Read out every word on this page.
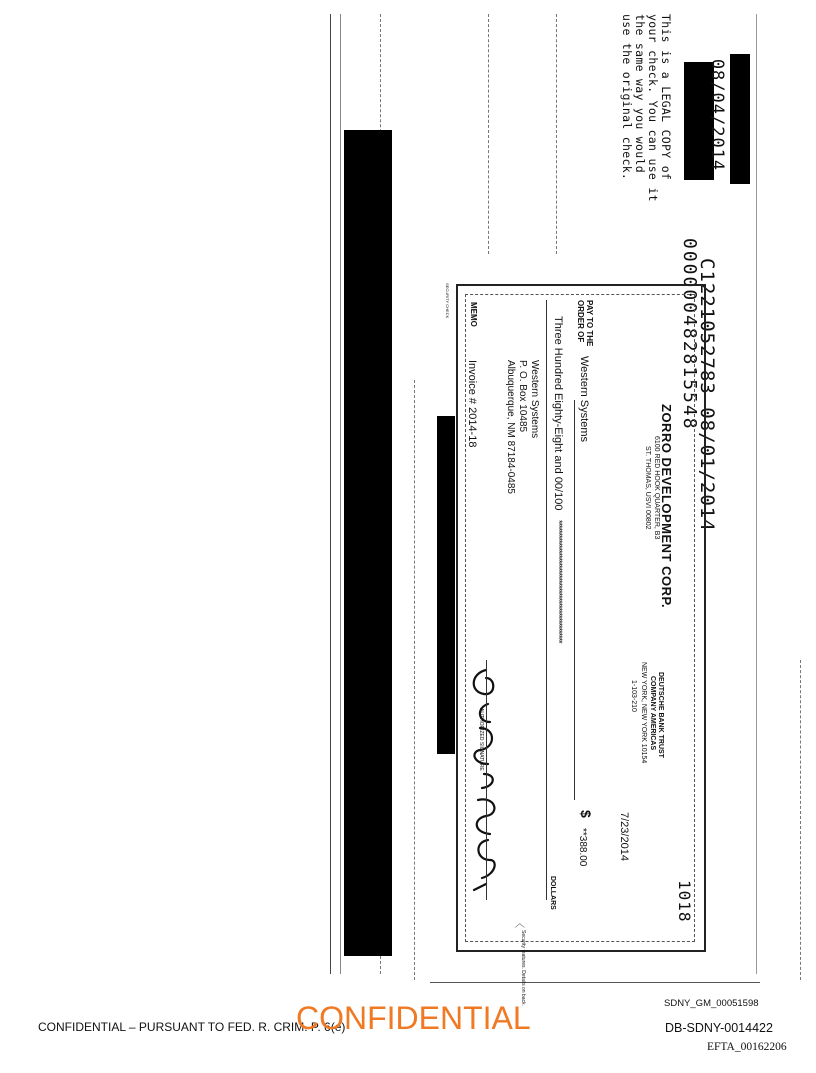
This is a LEGAL COPY of
your check. You can use it
the same way you would
use the original check.	08/04/2014
000000482815548
C1221052783 08/01/2014
SECURITY CHECK
ZORRO DEVELOPMENT CORP.
6100 RED HOOK QUARTER, B3
ST. THOMAS, USVI 00802
DEUTSCHE BANK TRUST
COMPANY AMERICAS
NEW YORK, NEW YORK 10154
1-103-210
1018
7/23/2014
PAY TO THE
ORDER OF
Western Systems
$
**388.00
Three Hundred Eighty-Eight and 00/100
*************************************************
DOLLARS
Western Systems
P. O. Box 10485
Albuquerque, NM 87184-0485
MEMO
Invoice # 2014-18
AUTHORIZED SIGNATURE
〈
Security features. Details on back.
CONFIDENTIAL – PURSUANT TO FED. R. CRIM. P. 6(e)
CONFIDENTIAL	SDNY_GM_00051598
DB-SDNY-0014422
EFTA_00162206
